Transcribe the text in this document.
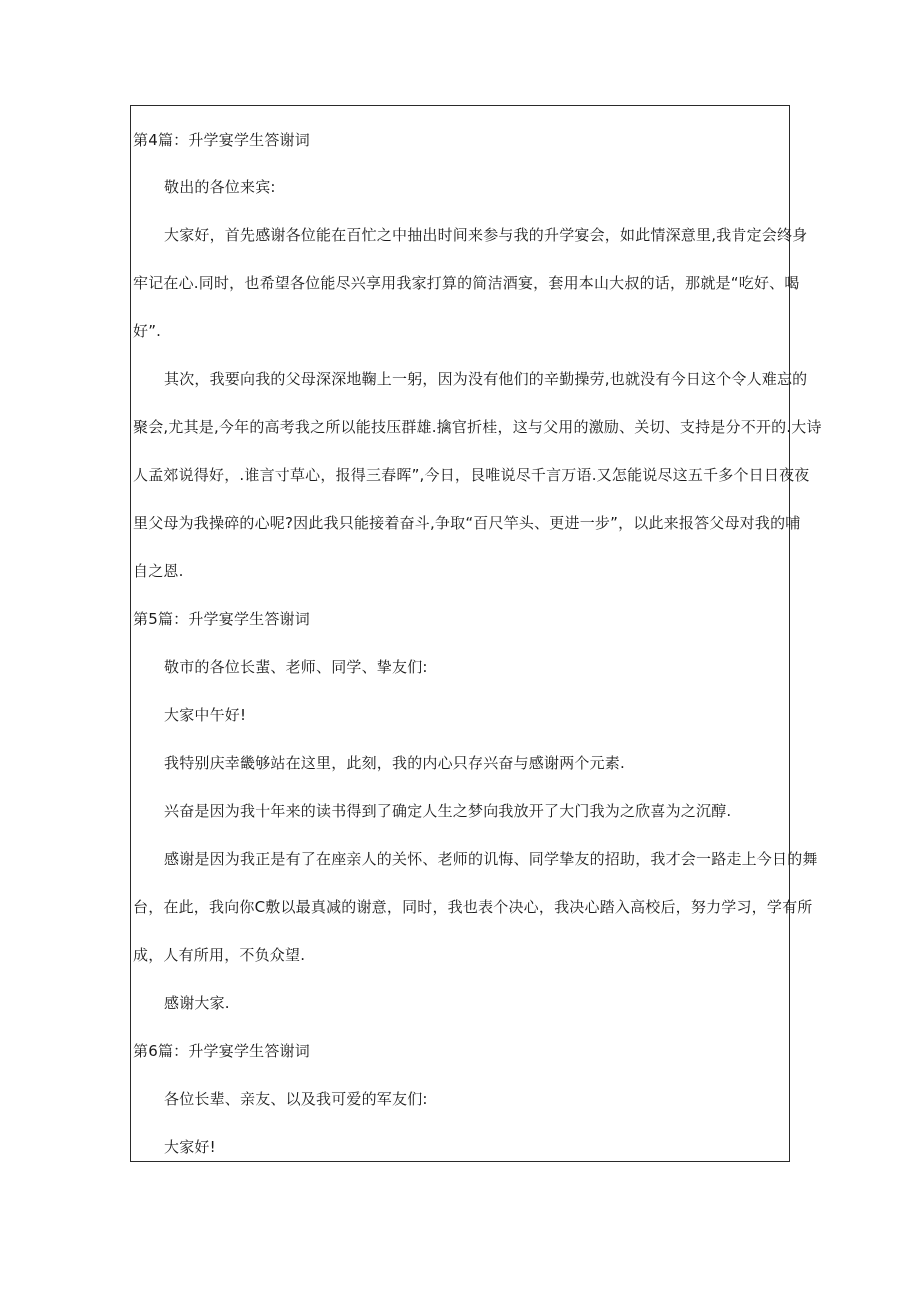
第4篇：升学宴学生答谢词
敬出的各位来宾:
大家好，首先感谢各位能在百忙之中抽出时间来参与我的升学宴会，如此情深意里,我肯定会终身
牢记在心.同时，也希望各位能尽兴享用我家打算的简洁酒宴，套用本山大叔的话，那就是“吃好、喝
好”.
其次，我要向我的父母深深地鞠上一躬，因为没有他们的辛勤操劳,也就没有今日这个令人难忘的
聚会,尤其是,今年的高考我之所以能技压群雄.擒官折桂，这与父用的激励、关切、支持是分不开的.大诗
人孟郊说得好，.谁言寸草心，报得三春晖”,今日，艮唯说尽千言万语.又怎能说尽这五千多个日日夜夜
里父母为我操碎的心呢?因此我只能接着奋斗,争取“百尺竿头、更进一步”，以此来报答父母对我的哺
自之恩.
第5篇：升学宴学生答谢词
敬市的各位长蜚、老师、同学、挚友们:
大家中午好!
我特别庆幸畿够站在这里，此刻，我的内心只存兴奋与感谢两个元素.
兴奋是因为我十年来的读书得到了确定人生之梦向我放开了大门我为之欣喜为之沉醇.
感谢是因为我正是有了在座亲人的关怀、老师的讥悔、同学挚友的招助，我才会一路走上今日的舞
台，在此，我向你C敷以最真减的谢意，同时，我也表个决心，我决心踏入高校后，努力学习，学有所
成，人有所用，不负众望.
感谢大家.
第6篇：升学宴学生答谢词
各位长辈、亲友、以及我可爱的军友们:
大家好!
